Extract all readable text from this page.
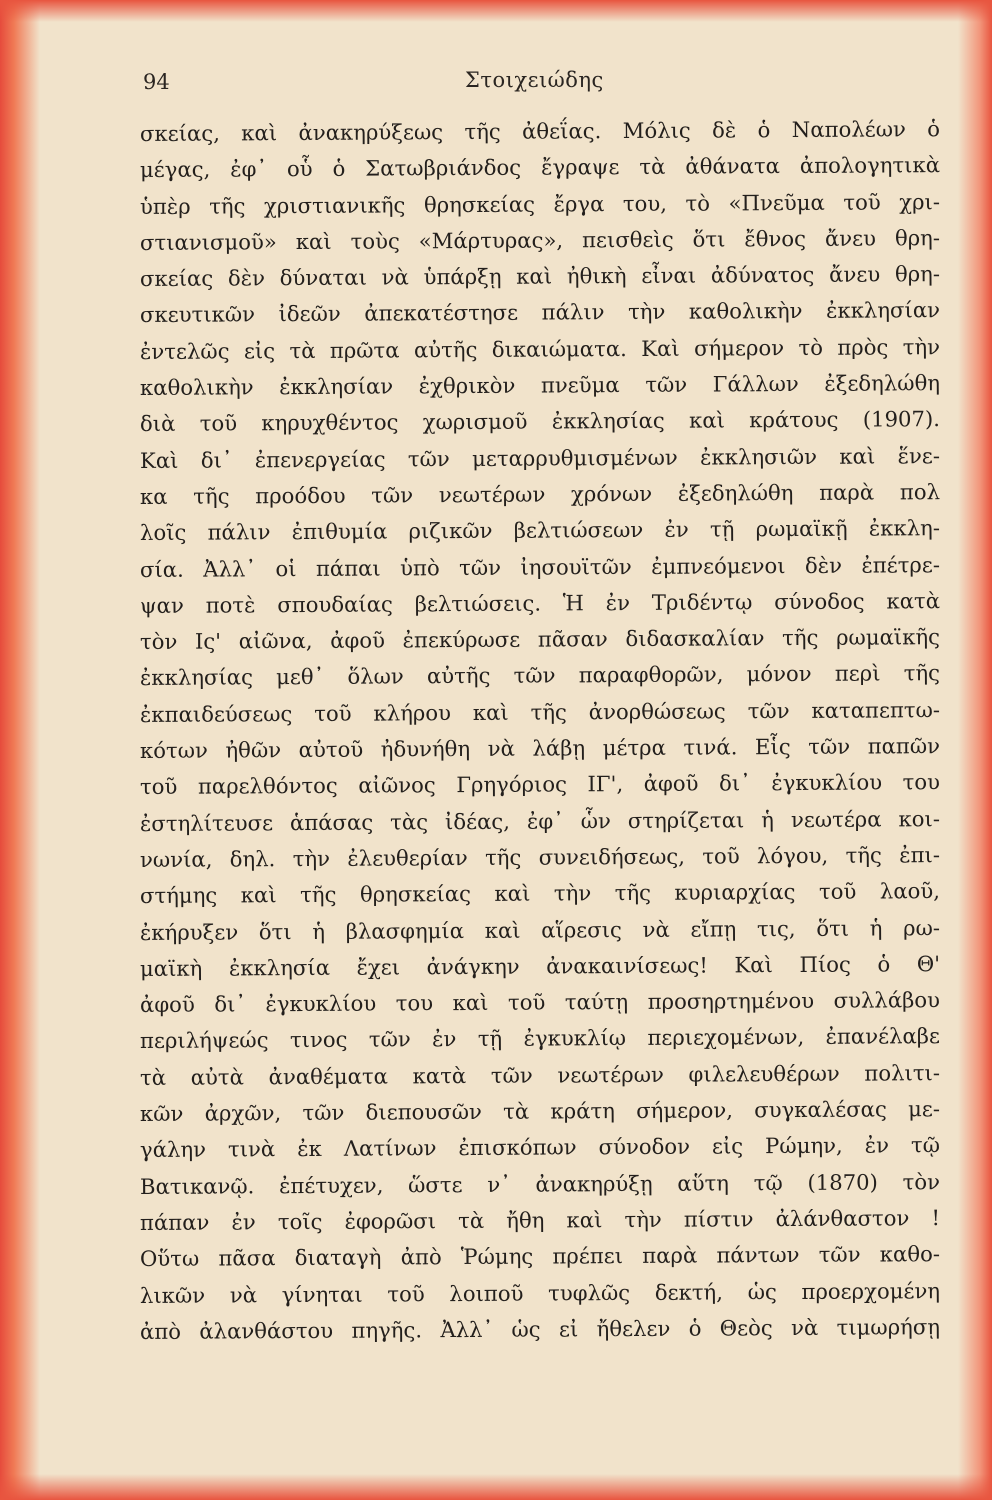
94	Στοιχειώδης
σκείας, καὶ ἀνακηρύξεως τῆς ἀθεΐας. Μόλις δὲ ὁ Ναπολέων ὁ
μέγας, ἐφ᾽ οὗ ὁ Σατωβριάνδος ἔγραψε τὰ ἀθάνατα ἀπολογητικὰ
ὑπὲρ τῆς χριστιανικῆς θρησκείας ἔργα του, τὸ «Πνεῦμα τοῦ χρι-
στιανισμοῦ» καὶ τοὺς «Μάρτυρας», πεισθεὶς ὅτι ἔθνος ἄνευ θρη-
σκείας δὲν δύναται νὰ ὑπάρξῃ καὶ ἠθικὴ εἶναι ἀδύνατος ἄνευ θρη-
σκευτικῶν ἰδεῶν ἀπεκατέστησε πάλιν τὴν καθολικὴν ἐκκλησίαν
ἐντελῶς εἰς τὰ πρῶτα αὐτῆς δικαιώματα. Καὶ σήμερον τὸ πρὸς τὴν
καθολικὴν ἐκκλησίαν ἐχθρικὸν πνεῦμα τῶν Γάλλων ἐξεδηλώθη
διὰ τοῦ κηρυχθέντος χωρισμοῦ ἐκκλησίας καὶ κράτους (1907).
Καὶ δι᾽ ἐπενεργείας τῶν μεταρρυθμισμένων ἐκκλησιῶν καὶ ἕνε-
κα τῆς προόδου τῶν νεωτέρων χρόνων ἐξεδηλώθη παρὰ πολ
λοῖς πάλιν ἐπιθυμία ριζικῶν βελτιώσεων ἐν τῇ ρωμαϊκῇ ἐκκλη-
σία. Ἀλλ᾽ οἱ πάπαι ὑπὸ τῶν ἰησουϊτῶν ἐμπνεόμενοι δὲν ἐπέτρε-
ψαν ποτὲ σπουδαίας βελτιώσεις. Ἡ ἐν Τριδέντῳ σύνοδος κατὰ
τὸν Ις' αἰῶνα, ἀφοῦ ἐπεκύρωσε πᾶσαν διδασκαλίαν τῆς ρωμαϊκῆς
ἐκκλησίας μεθ᾽ ὅλων αὐτῆς τῶν παραφθορῶν, μόνον περὶ τῆς
ἐκπαιδεύσεως τοῦ κλήρου καὶ τῆς ἀνορθώσεως τῶν καταπεπτω-
κότων ἠθῶν αὐτοῦ ἠδυνήθη νὰ λάβῃ μέτρα τινά. Εἷς τῶν παπῶν
τοῦ παρελθόντος αἰῶνος Γρηγόριος ΙΓ', ἀφοῦ δι᾽ ἐγκυκλίου του
ἐστηλίτευσε ἁπάσας τὰς ἰδέας, ἐφ᾽ ὧν στηρίζεται ἡ νεωτέρα κοι-
νωνία, δηλ. τὴν ἐλευθερίαν τῆς συνειδήσεως, τοῦ λόγου, τῆς ἐπι-
στήμης καὶ τῆς θρησκείας καὶ τὴν τῆς κυριαρχίας τοῦ λαοῦ,
ἐκήρυξεν ὅτι ἡ βλασφημία καὶ αἵρεσις νὰ εἴπῃ τις, ὅτι ἡ ρω-
μαϊκὴ ἐκκλησία ἔχει ἀνάγκην ἀνακαινίσεως! Καὶ Πίος ὁ Θ'
ἀφοῦ δι᾽ ἐγκυκλίου του καὶ τοῦ ταύτῃ προσηρτημένου συλλάβου
περιλήψεώς τινος τῶν ἐν τῇ ἐγκυκλίῳ περιεχομένων, ἐπανέλαβε
τὰ αὐτὰ ἀναθέματα κατὰ τῶν νεωτέρων φιλελευθέρων πολιτι-
κῶν ἀρχῶν, τῶν διεπουσῶν τὰ κράτη σήμερον, συγκαλέσας με-
γάλην τινὰ ἐκ Λατίνων ἐπισκόπων σύνοδον εἰς Ρώμην, ἐν τῷ
Βατικανῷ. ἐπέτυχεν, ὥστε ν᾽ ἀνακηρύξῃ αὕτη τῷ (1870) τὸν
πάπαν ἐν τοῖς ἐφορῶσι τὰ ἤθη καὶ τὴν πίστιν ἀλάνθαστον !
Οὕτω πᾶσα διαταγὴ ἀπὸ Ῥώμης πρέπει παρὰ πάντων τῶν καθο-
λικῶν νὰ γίνηται τοῦ λοιποῦ τυφλῶς δεκτή, ὡς προερχομένη
ἀπὸ ἀλανθάστου πηγῆς. Ἀλλ᾽ ὡς εἰ ἤθελεν ὁ Θεὸς νὰ τιμωρήσῃ
